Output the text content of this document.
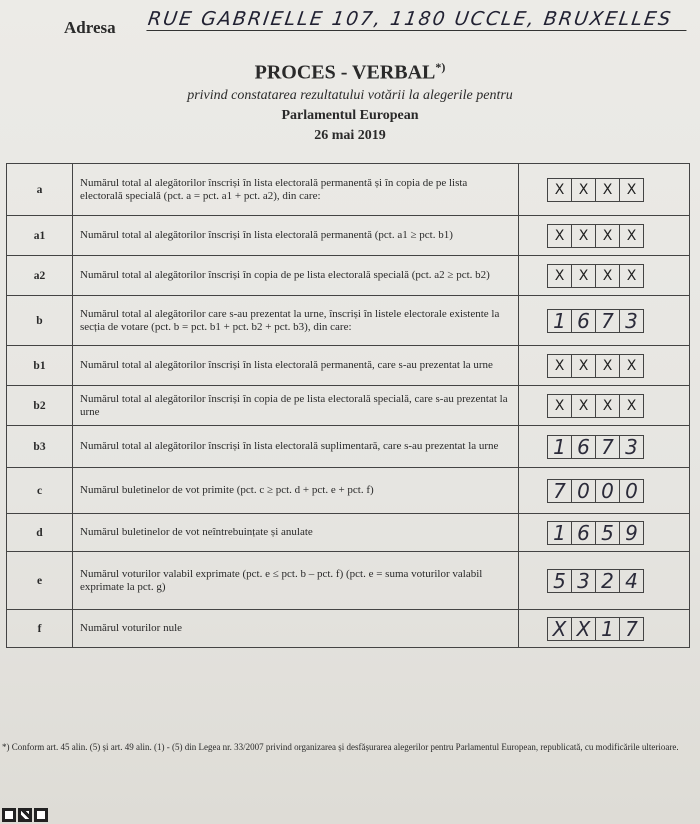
Adresa RUE GABRIELLE 107, 1180 UCCLE, BRUXELLES
PROCES - VERBAL*)
privind constatarea rezultatului votării la alegerile pentru
Parlamentul European
26 mai 2019
a	Numărul total al alegătorilor înscriși în lista electorală permanentă și în copia de pe lista electorală specială (pct. a = pct. a1 + pct. a2), din care:	X X X X

a1	Numărul total al alegătorilor înscriși în lista electorală permanentă (pct. a1 ≥ pct. b1)	X X X X

a2	Numărul total al alegătorilor înscriși în copia de pe lista electorală specială (pct. a2 ≥ pct. b2)	X X X X

b	Numărul total al alegătorilor care s-au prezentat la urne, înscriși în listele electorale existente la secția de votare (pct. b = pct. b1 + pct. b2 + pct. b3), din care:	1 6 7 3

b1	Numărul total al alegătorilor înscriși în lista electorală permanentă, care s-au prezentat la urne	X X X X

b2	Numărul total al alegătorilor înscriși în copia de pe lista electorală specială, care s-au prezentat la urne	X X X X

b3	Numărul total al alegătorilor înscriși în lista electorală suplimentară, care s-au prezentat la urne	1 6 7 3

c	Numărul buletinelor de vot primite (pct. c ≥ pct. d + pct. e + pct. f)	7 0 0 0

d	Numărul buletinelor de vot neîntrebuințate și anulate	1 6 5 9

e	Numărul voturilor valabil exprimate (pct. e ≤ pct. b – pct. f) (pct. e = suma voturilor valabil exprimate la pct. g)	5 3 2 4

f	Numărul voturilor nule	X X 1 7
*) Conform art. 45 alin. (5) și art. 49 alin. (1) - (5) din Legea nr. 33/2007 privind organizarea și desfășurarea alegerilor pentru Parlamentul European, republicată, cu modificările ulterioare.
